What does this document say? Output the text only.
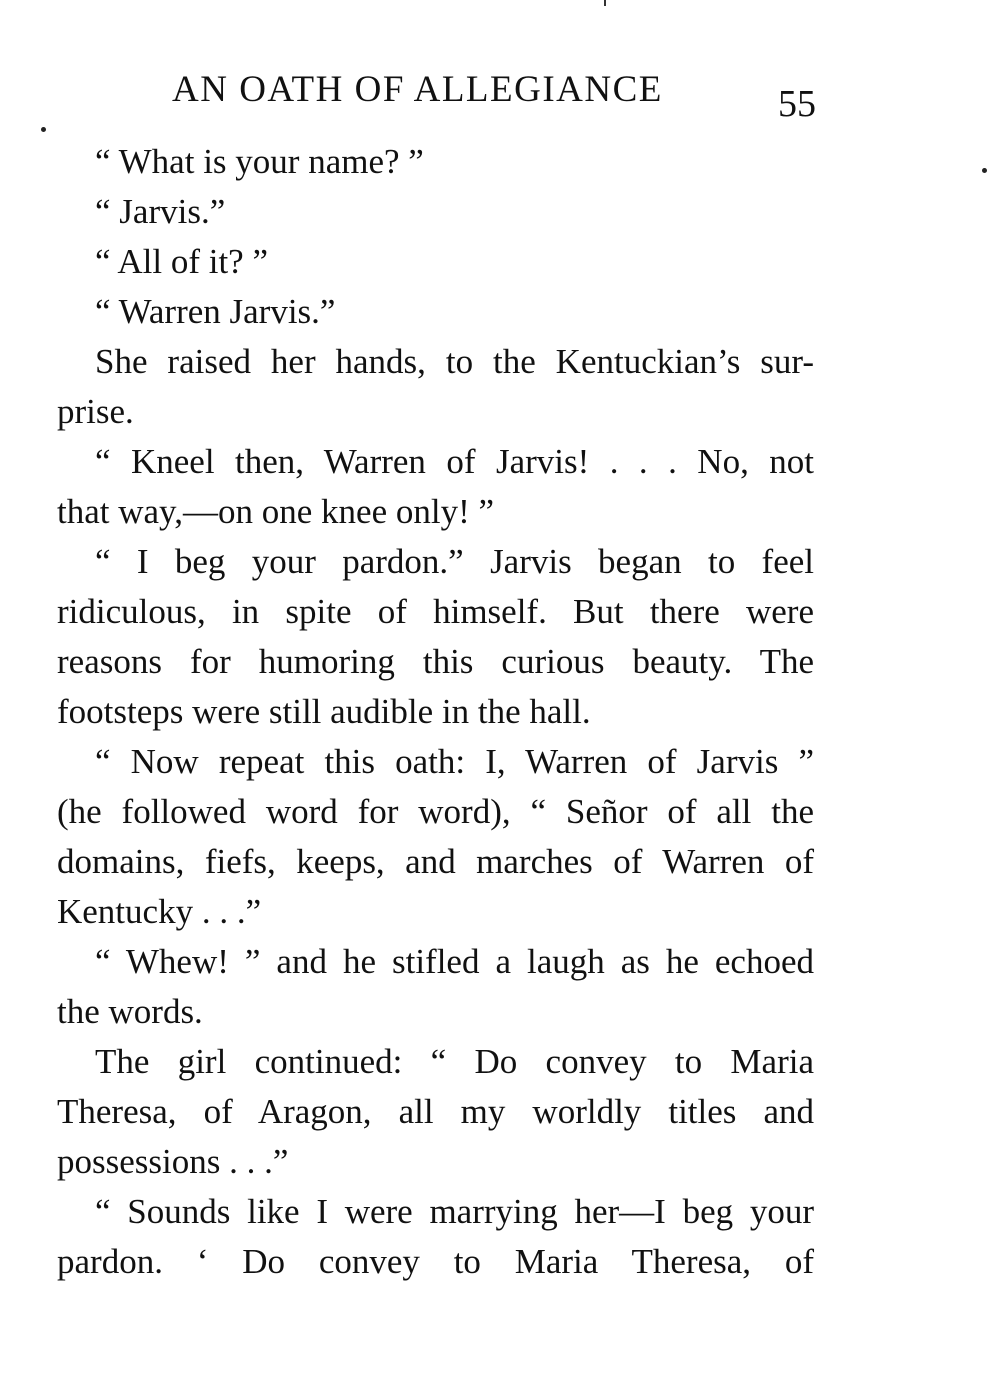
AN OATH OF ALLEGIANCE	55
“ What is your name? ”
“ Jarvis.”
“ All of it? ”
“ Warren Jarvis.”
She raised her hands, to the Kentuckian’s sur-
prise.
“ Kneel then, Warren of Jarvis! . . . No, not
that way,—on one knee only! ”
“ I beg your pardon.” Jarvis began to feel
ridiculous, in spite of himself. But there were
reasons for humoring this curious beauty. The
footsteps were still audible in the hall.
“ Now repeat this oath: I, Warren of Jarvis ”
(he followed word for word), “ Señor of all the
domains, fiefs, keeps, and marches of Warren of
Kentucky . . .”
“ Whew! ” and he stifled a laugh as he echoed
the words.
The girl continued: “ Do convey to Maria
Theresa, of Aragon, all my worldly titles and
possessions . . .”
“ Sounds like I were marrying her—I beg your
pardon. ‘ Do convey to Maria Theresa, of
